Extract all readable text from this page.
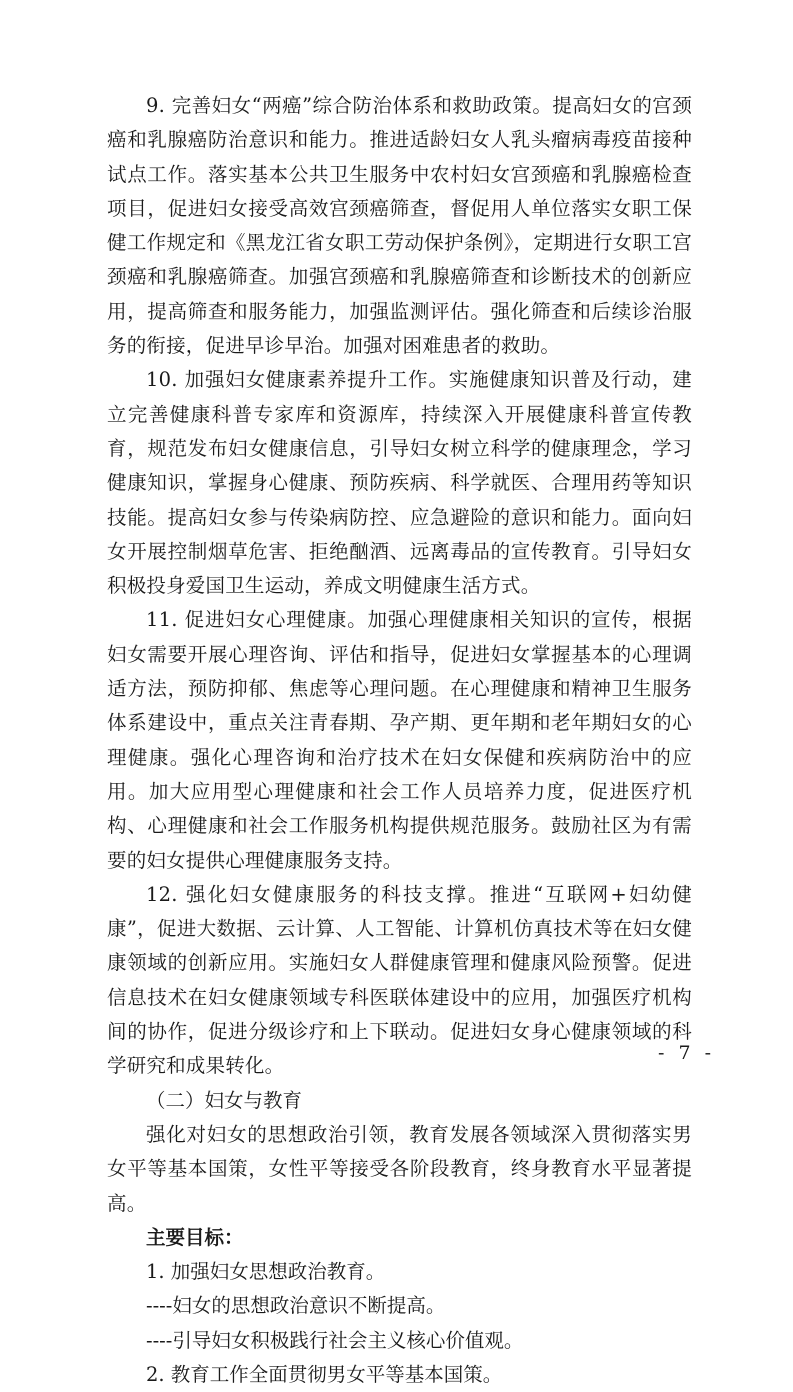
9. 完善妇女“两癌”综合防治体系和救助政策。提高妇女的宫颈癌和乳腺癌防治意识和能力。推进适龄妇女人乳头瘤病毒疫苗接种试点工作。落实基本公共卫生服务中农村妇女宫颈癌和乳腺癌检查项目，促进妇女接受高效宫颈癌筛查，督促用人单位落实女职工保健工作规定和《黑龙江省女职工劳动保护条例》，定期进行女职工宫颈癌和乳腺癌筛查。加强宫颈癌和乳腺癌筛查和诊断技术的创新应用，提高筛查和服务能力，加强监测评估。强化筛查和后续诊治服务的衔接，促进早诊早治。加强对困难患者的救助。

10. 加强妇女健康素养提升工作。实施健康知识普及行动，建立完善健康科普专家库和资源库，持续深入开展健康科普宣传教育，规范发布妇女健康信息，引导妇女树立科学的健康理念，学习健康知识，掌握身心健康、预防疾病、科学就医、合理用药等知识技能。提高妇女参与传染病防控、应急避险的意识和能力。面向妇女开展控制烟草危害、拒绝酗酒、远离毒品的宣传教育。引导妇女积极投身爱国卫生运动，养成文明健康生活方式。

11. 促进妇女心理健康。加强心理健康相关知识的宣传，根据妇女需要开展心理咨询、评估和指导，促进妇女掌握基本的心理调适方法，预防抑郁、焦虑等心理问题。在心理健康和精神卫生服务体系建设中，重点关注青春期、孕产期、更年期和老年期妇女的心理健康。强化心理咨询和治疗技术在妇女保健和疾病防治中的应用。加大应用型心理健康和社会工作人员培养力度，促进医疗机构、心理健康和社会工作服务机构提供规范服务。鼓励社区为有需要的妇女提供心理健康服务支持。

12. 强化妇女健康服务的科技支撑。推进“互联网+妇幼健康”，促进大数据、云计算、人工智能、计算机仿真技术等在妇女健康领域的创新应用。实施妇女人群健康管理和健康风险预警。促进信息技术在妇女健康领域专科医联体建设中的应用，加强医疗机构间的协作，促进分级诊疗和上下联动。促进妇女身心健康领域的科学研究和成果转化。

（二）妇女与教育

强化对妇女的思想政治引领，教育发展各领域深入贯彻落实男女平等基本国策，女性平等接受各阶段教育，终身教育水平显著提高。

主要目标：

1. 加强妇女思想政治教育。

----妇女的思想政治意识不断提高。

----引导妇女积极践行社会主义核心价值观。

2. 教育工作全面贯彻男女平等基本国策。

- 7 -
